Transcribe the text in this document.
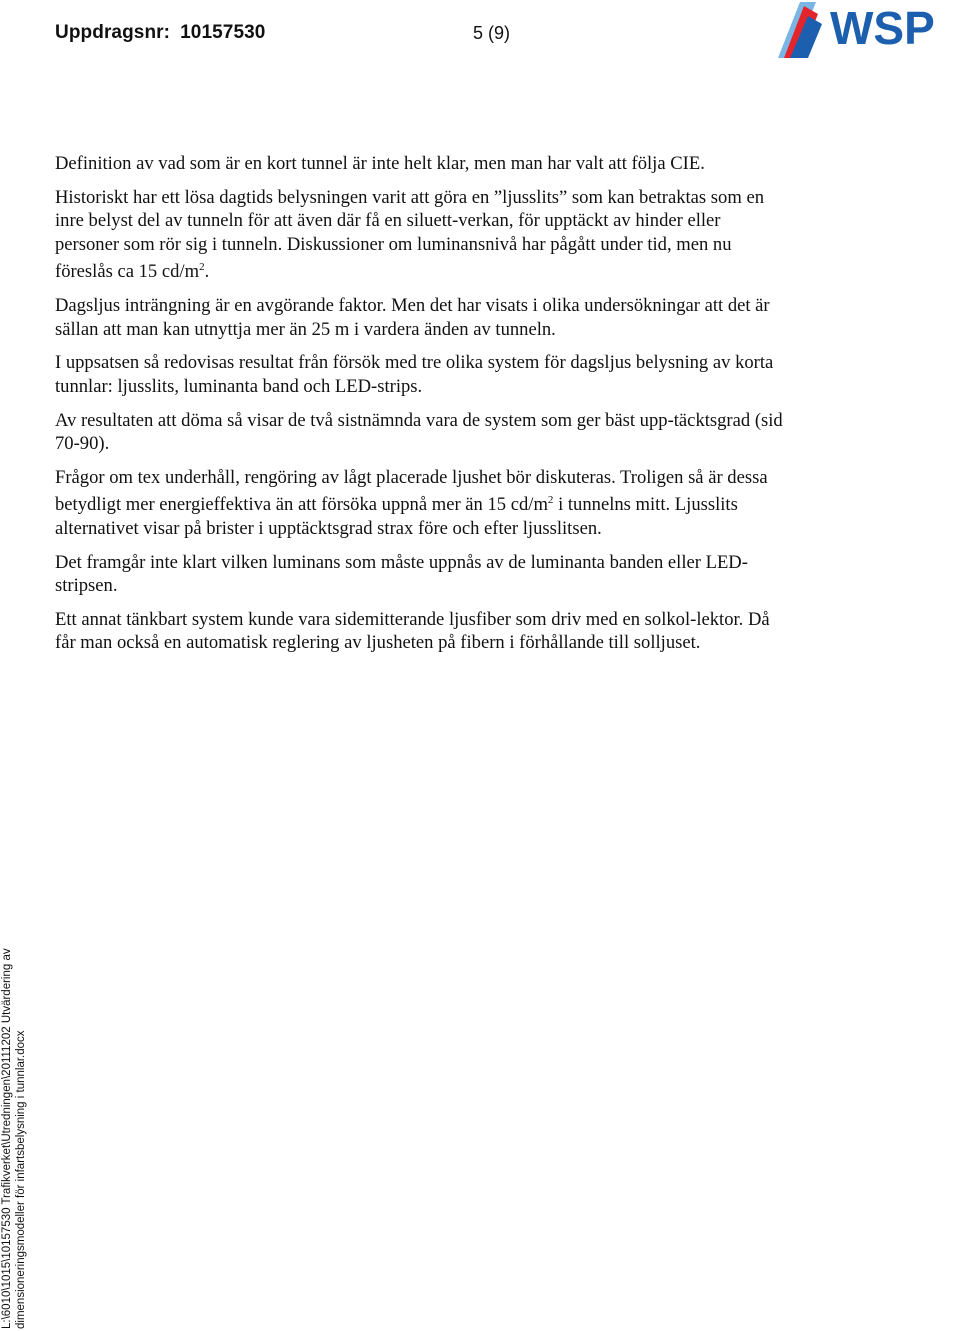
Uppdragsnr: 10157530	5 (9)	WSP

Definition av vad som är en kort tunnel är inte helt klar, men man har valt att följa CIE.

Historiskt har ett lösa dagtids belysningen varit att göra en ”ljusslits” som kan betraktas som en inre belyst del av tunneln för att även där få en siluett-verkan, för upptäckt av hinder eller personer som rör sig i tunneln. Diskussioner om luminansnivå har pågått under tid, men nu föreslås ca 15 $cd/m^2$.

Dagsljus inträngning är en avgörande faktor. Men det har visats i olika undersökningar att det är sällan att man kan utnyttja mer än 25 m i vardera änden av tunneln.

I uppsatsen så redovisas resultat från försök med tre olika system för dagsljus belysning av korta tunnlar: ljusslits, luminanta band och LED-strips.

Av resultaten att döma så visar de två sistnämnda vara de system som ger bäst upp-täcktsgrad (sid 70-90).

Frågor om tex underhåll, rengöring av lågt placerade ljushet bör diskuteras. Troligen så är dessa betydligt mer energieffektiva än att försöka uppnå mer än 15 $cd/m^2$ i tunnelns mitt. Ljusslits alternativet visar på brister i upptäcktsgrad strax före och efter ljusslitsen.

Det framgår inte klart vilken luminans som måste uppnås av de luminanta banden eller LED-stripsen.

Ett annat tänkbart system kunde vara sidemitterande ljusfiber som driv med en solkol-lektor. Då får man också en automatisk reglering av ljusheten på fibern i förhållande till solljuset.

L:\6010\1015\10157530 Trafikverket\Utredningen\20111202 Utvärdering av dimensioneringsmodeller för infartsbelysning i tunnlar.docx
